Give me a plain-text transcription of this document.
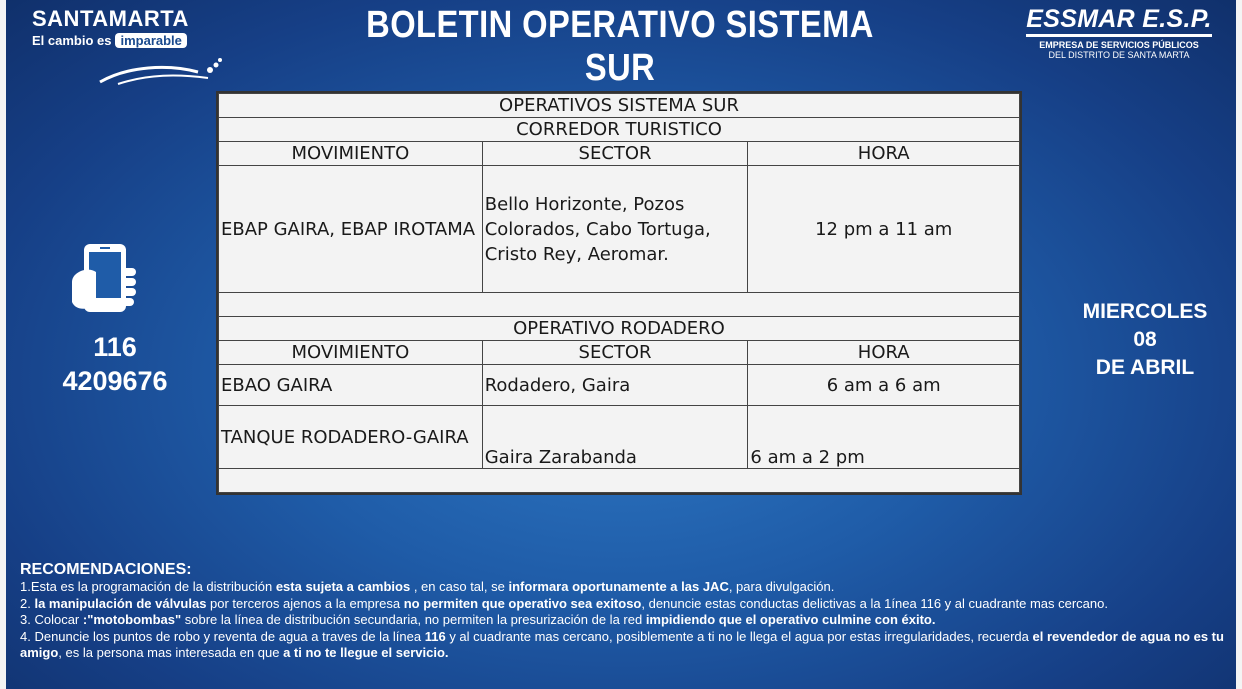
SANTAMARTA
El cambio es imparable	BOLETIN OPERATIVO SISTEMA SUR
ESSMAR E.S.P.
EMPRESA DE SERVICIOS PÚBLICOS
DEL DISTRITO DE SANTA MARTA
116
4209676
MIERCOLES
08
DE ABRIL
OPERATIVOS SISTEMA SUR		
CORREDOR TURISTICO		
MOVIMIENTO	SECTOR	HORA
EBAP GAIRA, EBAP IROTAMA	Bello Horizonte, Pozos Colorados, Cabo Tortuga, Cristo Rey, Aeromar.	12 pm a 11 am

OPERATIVO RODADERO		
MOVIMIENTO	SECTOR	HORA
EBAO GAIRA	Rodadero, Gaira	6 am a 6 am
TANQUE RODADERO-GAIRA	Gaira Zarabanda	6 am a 2 pm

RECOMENDACIONES:
1.Esta es la programación de la distribución esta sujeta a cambios , en caso tal, se informara oportunamente a las JAC, para divulgación.
2. la manipulación de válvulas por terceros ajenos a la empresa no permiten que operativo sea exitoso, denuncie estas conductas delictivas a la 1ínea 116 y al cuadrante mas cercano.
3. Colocar :"motobombas" sobre la línea de distribución secundaria, no permiten la presurización de la red impidiendo que el operativo culmine con éxito.
4. Denuncie los puntos de robo y reventa de agua a traves de la línea 116 y al cuadrante mas cercano, posiblemente a ti no le llega el agua por estas irregularidades, recuerda el revendedor de agua no es tu amigo, es la persona mas interesada en que a ti no te llegue el servicio.
